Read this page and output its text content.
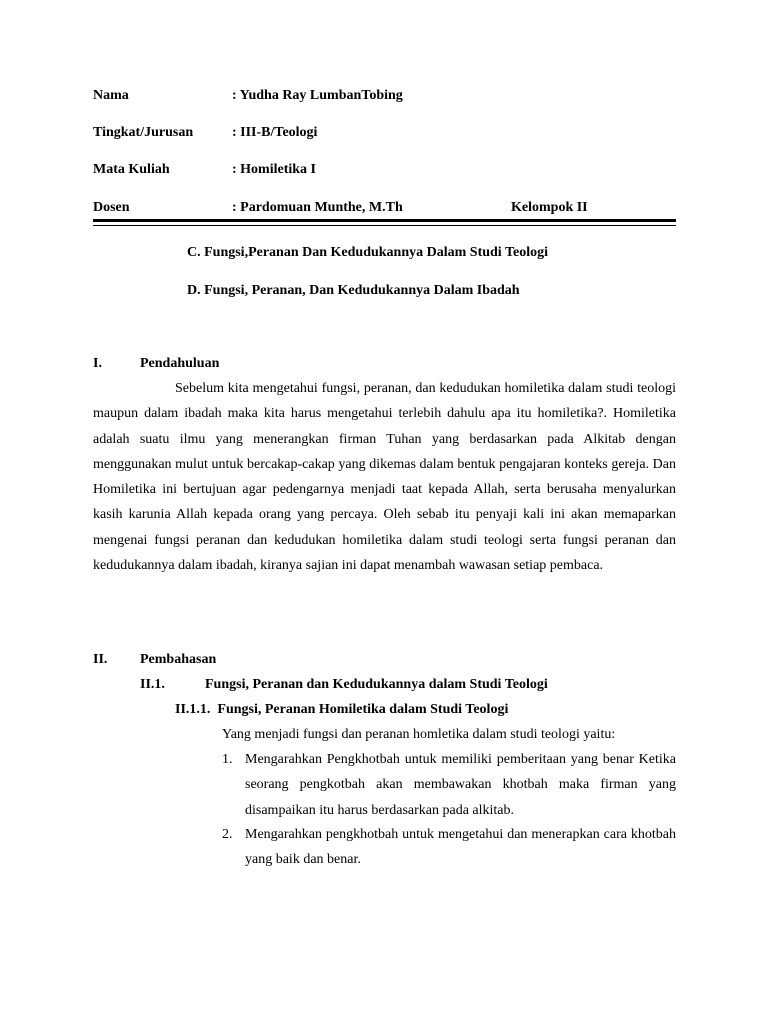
Nama	: Yudha Ray LumbanTobing
Tingkat/Jurusan	: III-B/Teologi
Mata Kuliah	: Homiletika I
Dosen	: Pardomuan Munthe, M.Th	Kelompok II
C. Fungsi,Peranan Dan Kedudukannya Dalam Studi Teologi
D. Fungsi, Peranan, Dan Kedudukannya Dalam Ibadah
I.	Pendahuluan
Sebelum kita mengetahui fungsi, peranan, dan kedudukan homiletika dalam studi teologi maupun dalam ibadah maka kita harus mengetahui terlebih dahulu apa itu homiletika?. Homiletika adalah suatu ilmu yang menerangkan firman Tuhan yang berdasarkan pada Alkitab dengan menggunakan mulut untuk bercakap-cakap yang dikemas dalam bentuk pengajaran konteks gereja. Dan Homiletika ini bertujuan agar pedengarnya menjadi taat kepada Allah, serta berusaha menyalurkan kasih karunia Allah kepada orang yang percaya. Oleh sebab itu penyaji kali ini akan memaparkan mengenai fungsi peranan dan kedudukan homiletika dalam studi teologi serta fungsi peranan dan kedudukannya dalam ibadah, kiranya sajian ini dapat menambah wawasan setiap pembaca.
II. Pembahasan
II.1.	Fungsi, Peranan dan Kedudukannya dalam Studi Teologi
II.1.1.  Fungsi, Peranan Homiletika dalam Studi Teologi
Yang menjadi fungsi dan peranan homletika dalam studi teologi yaitu:
1. Mengarahkan Pengkhotbah untuk memiliki pemberitaan yang benar Ketika seorang pengkotbah akan membawakan khotbah maka firman yang disampaikan itu harus berdasarkan pada alkitab.
2. Mengarahkan pengkhotbah untuk mengetahui dan menerapkan cara khotbah yang baik dan benar.
